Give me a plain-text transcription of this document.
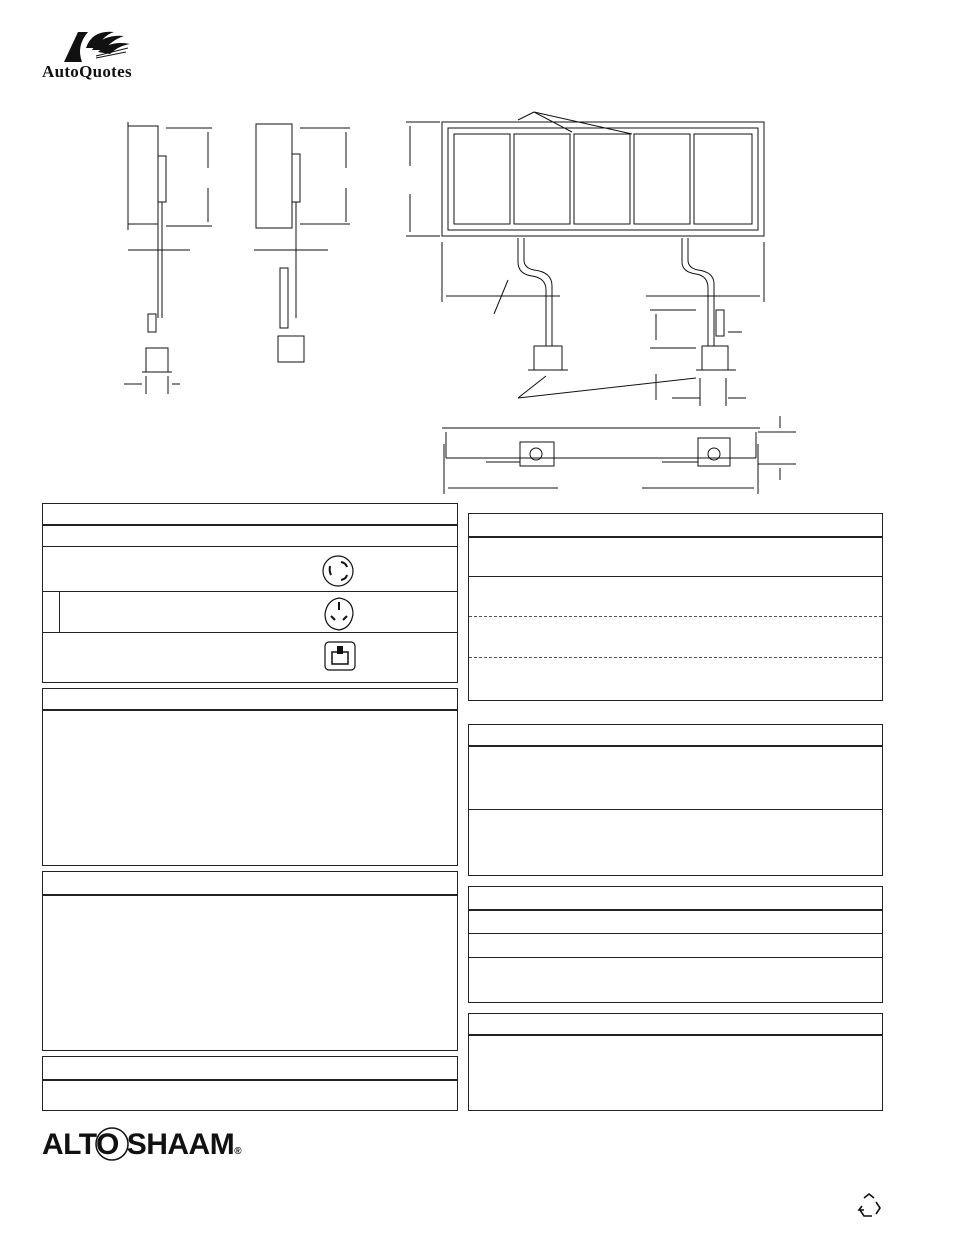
AutoQuotes
ALTO SHAAM®
